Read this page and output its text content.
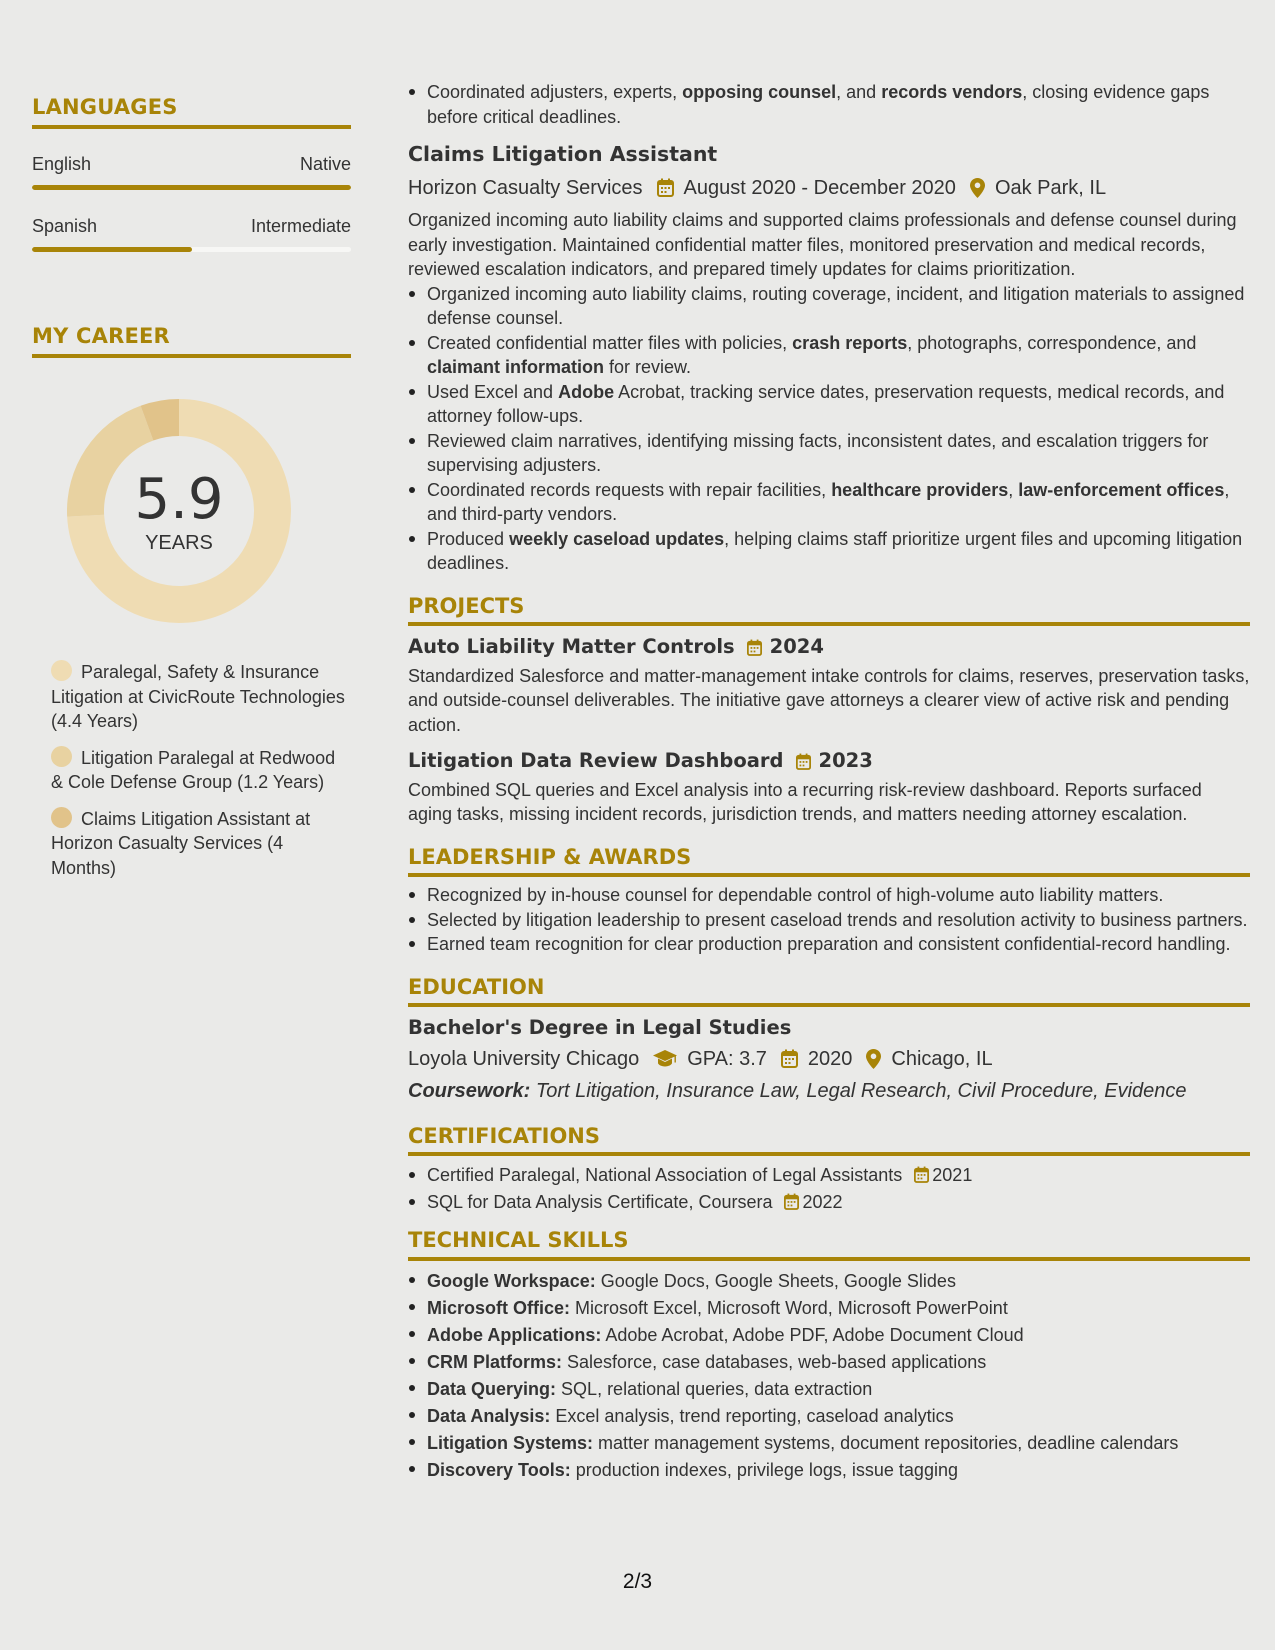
LANGUAGES
English	Native
Spanish	Intermediate
MY CAREER
5.9
YEARS
Paralegal, Safety & Insurance Litigation at CivicRoute Technologies (4.4 Years)
Litigation Paralegal at Redwood & Cole Defense Group (1.2 Years)
Claims Litigation Assistant at Horizon Casualty Services (4 Months)
Coordinated adjusters, experts, opposing counsel, and records vendors, closing evidence gaps before critical deadlines.
Claims Litigation Assistant
Horizon Casualty Services August 2020 - December 2020 Oak Park, IL
Organized incoming auto liability claims and supported claims professionals and defense counsel during early investigation. Maintained confidential matter files, monitored preservation and medical records, reviewed escalation indicators, and prepared timely updates for claims prioritization.
Organized incoming auto liability claims, routing coverage, incident, and litigation materials to assigned defense counsel.
Created confidential matter files with policies, crash reports, photographs, correspondence, and claimant information for review.
Used Excel and Adobe Acrobat, tracking service dates, preservation requests, medical records, and attorney follow-ups.
Reviewed claim narratives, identifying missing facts, inconsistent dates, and escalation triggers for supervising adjusters.
Coordinated records requests with repair facilities, healthcare providers, law-enforcement offices, and third-party vendors.
Produced weekly caseload updates, helping claims staff prioritize urgent files and upcoming litigation deadlines.
PROJECTS
Auto Liability Matter Controls 2024
Standardized Salesforce and matter-management intake controls for claims, reserves, preservation tasks, and outside-counsel deliverables. The initiative gave attorneys a clearer view of active risk and pending action.
Litigation Data Review Dashboard 2023
Combined SQL queries and Excel analysis into a recurring risk-review dashboard. Reports surfaced aging tasks, missing incident records, jurisdiction trends, and matters needing attorney escalation.
LEADERSHIP & AWARDS
Recognized by in-house counsel for dependable control of high-volume auto liability matters.
Selected by litigation leadership to present caseload trends and resolution activity to business partners.
Earned team recognition for clear production preparation and consistent confidential-record handling.
EDUCATION
Bachelor's Degree in Legal Studies
Loyola University Chicago GPA: 3.7 2020 Chicago, IL
Coursework: Tort Litigation, Insurance Law, Legal Research, Civil Procedure, Evidence
CERTIFICATIONS
Certified Paralegal, National Association of Legal Assistants 2021
SQL for Data Analysis Certificate, Coursera 2022
TECHNICAL SKILLS
Google Workspace: Google Docs, Google Sheets, Google Slides
Microsoft Office: Microsoft Excel, Microsoft Word, Microsoft PowerPoint
Adobe Applications: Adobe Acrobat, Adobe PDF, Adobe Document Cloud
CRM Platforms: Salesforce, case databases, web-based applications
Data Querying: SQL, relational queries, data extraction
Data Analysis: Excel analysis, trend reporting, caseload analytics
Litigation Systems: matter management systems, document repositories, deadline calendars
Discovery Tools: production indexes, privilege logs, issue tagging
2/3
